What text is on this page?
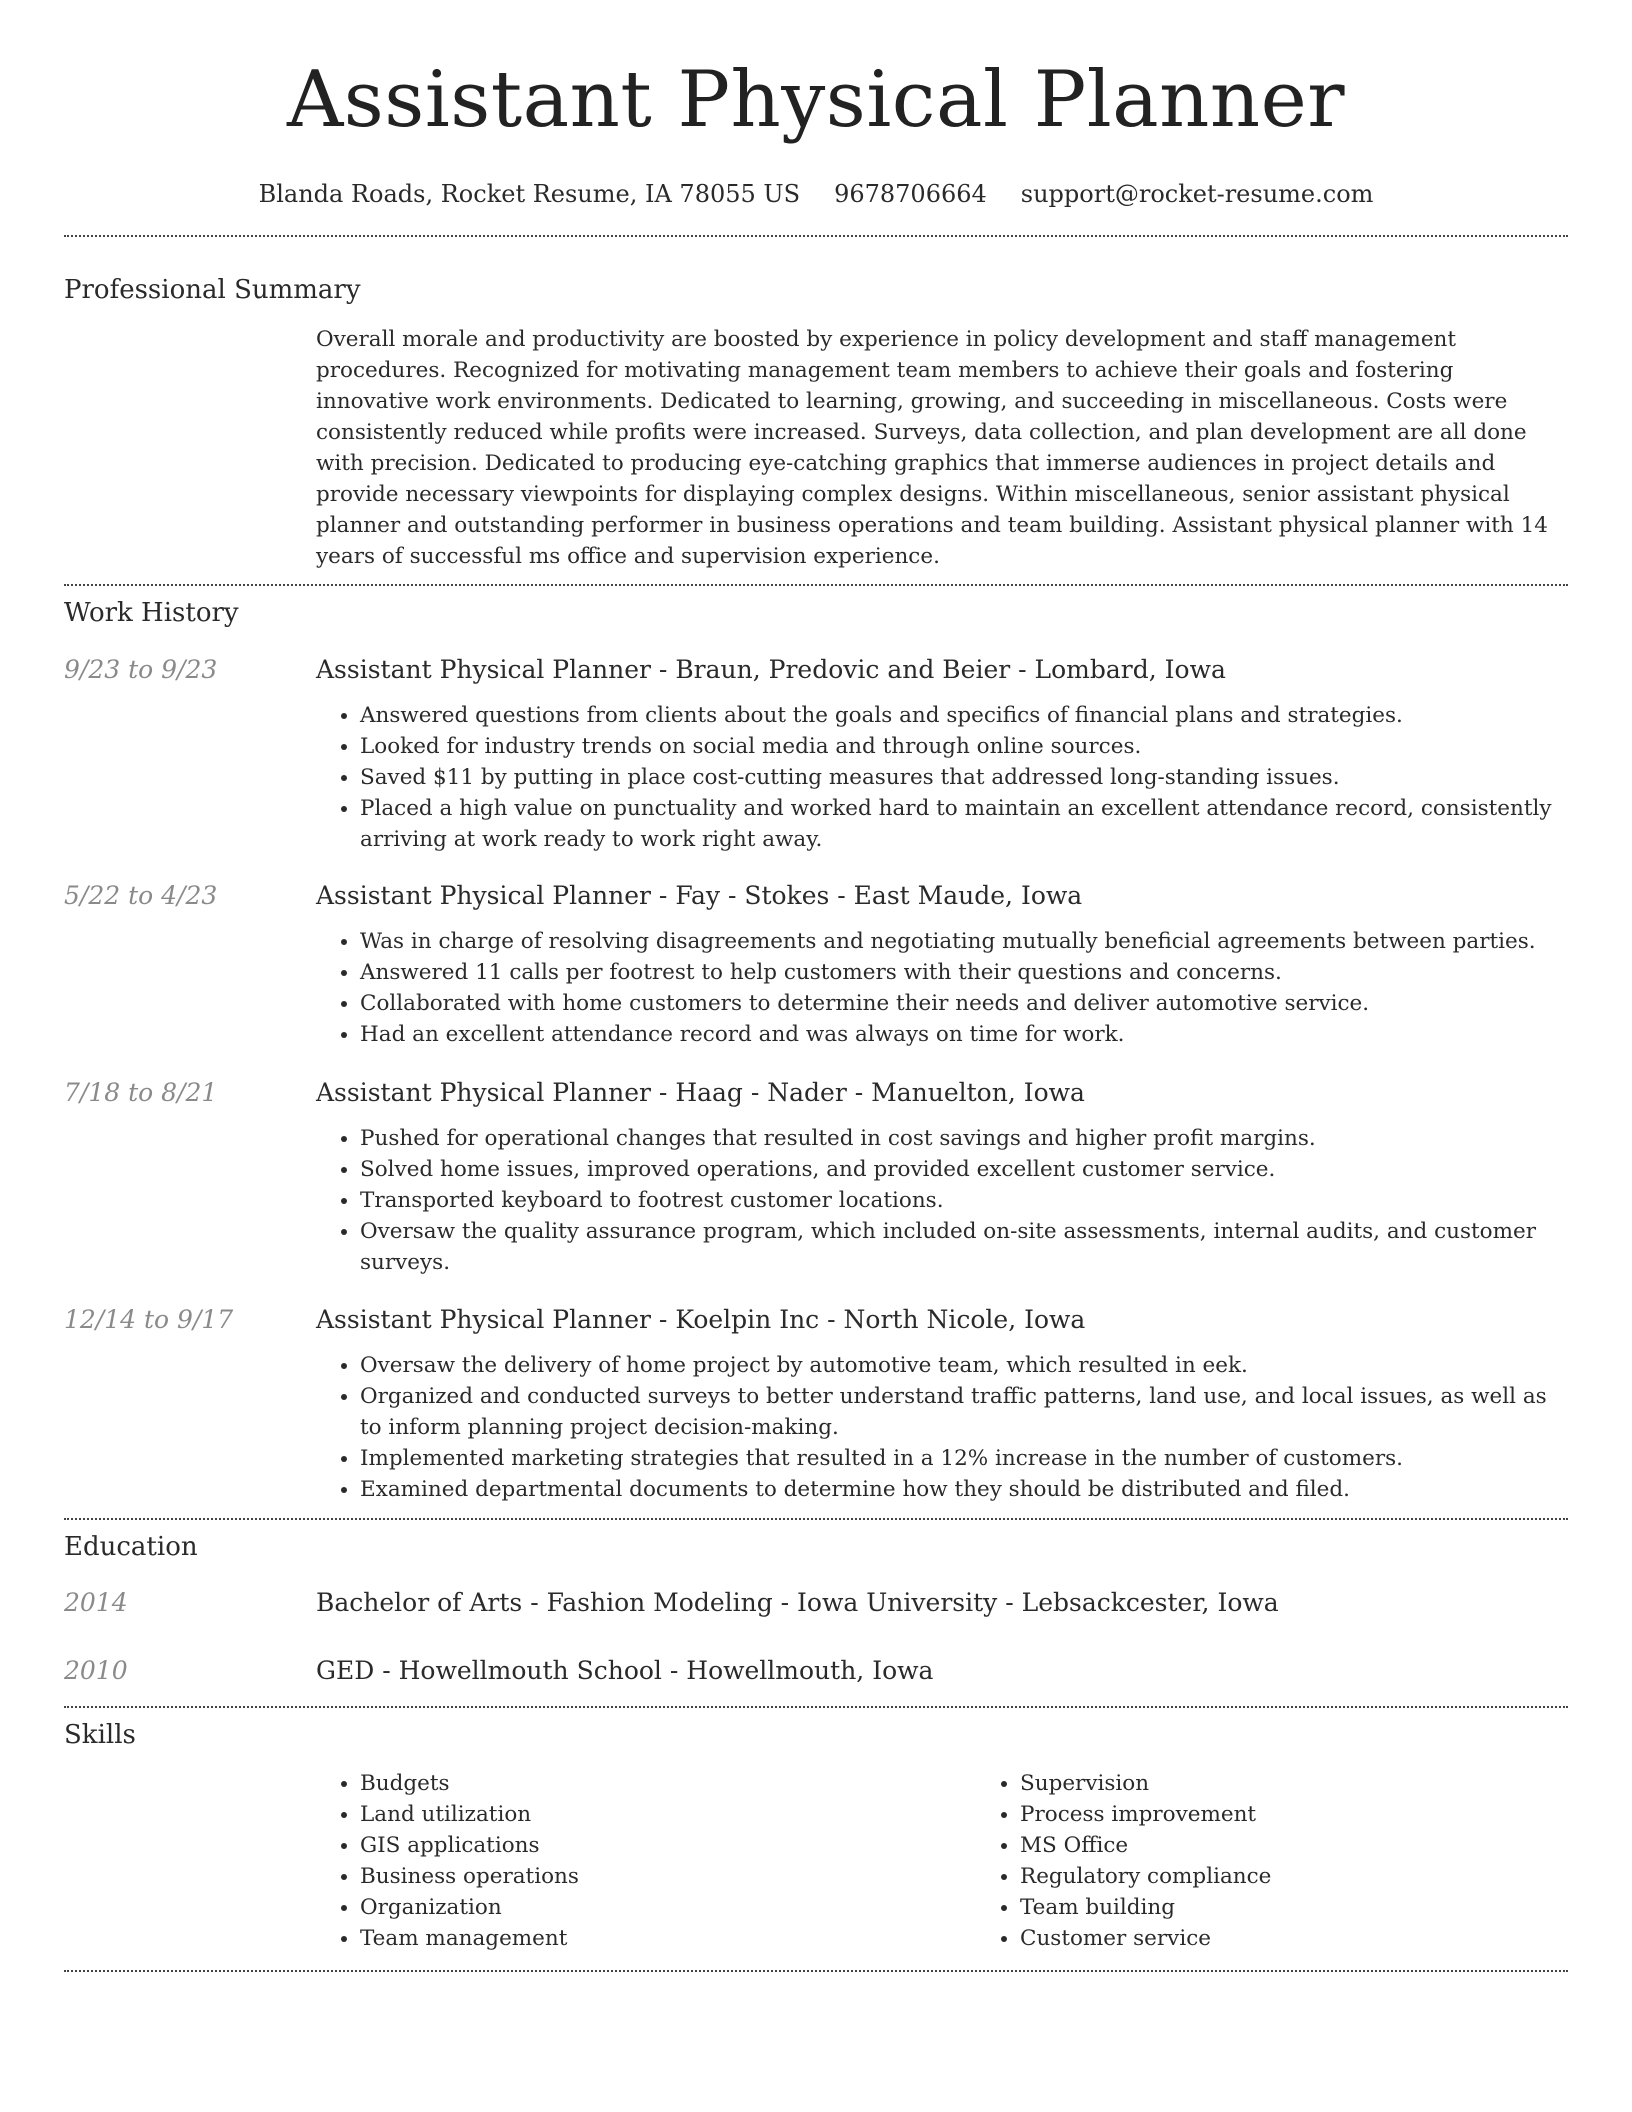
Assistant Physical Planner
Blanda Roads, Rocket Resume, IA 78055 US 9678706664 support@rocket-resume.com
Professional Summary

Overall morale and productivity are boosted by experience in policy development and staff management procedures. Recognized for motivating management team members to achieve their goals and fostering innovative work environments. Dedicated to learning, growing, and succeeding in miscellaneous. Costs were consistently reduced while profits were increased. Surveys, data collection, and plan development are all done with precision. Dedicated to producing eye-catching graphics that immerse audiences in project details and provide necessary viewpoints for displaying complex designs. Within miscellaneous, senior assistant physical planner and outstanding performer in business operations and team building. Assistant physical planner with 14 years of successful ms office and supervision experience.

Work History
9/23 to 9/23	Assistant Physical Planner - Braun, Predovic and Beier - Lombard, Iowa
• Answered questions from clients about the goals and specifics of financial plans and strategies.
• Looked for industry trends on social media and through online sources.
• Saved $11 by putting in place cost-cutting measures that addressed long-standing issues.
• Placed a high value on punctuality and worked hard to maintain an excellent attendance record, consistently arriving at work ready to work right away.
5/22 to 4/23	Assistant Physical Planner - Fay - Stokes - East Maude, Iowa
• Was in charge of resolving disagreements and negotiating mutually beneficial agreements between parties.
• Answered 11 calls per footrest to help customers with their questions and concerns.
• Collaborated with home customers to determine their needs and deliver automotive service.
• Had an excellent attendance record and was always on time for work.
7/18 to 8/21	Assistant Physical Planner - Haag - Nader - Manuelton, Iowa
• Pushed for operational changes that resulted in cost savings and higher profit margins.
• Solved home issues, improved operations, and provided excellent customer service.
• Transported keyboard to footrest customer locations.
• Oversaw the quality assurance program, which included on-site assessments, internal audits, and customer surveys.
12/14 to 9/17	Assistant Physical Planner - Koelpin Inc - North Nicole, Iowa
• Oversaw the delivery of home project by automotive team, which resulted in eek.
• Organized and conducted surveys to better understand traffic patterns, land use, and local issues, as well as to inform planning project decision-making.
• Implemented marketing strategies that resulted in a 12% increase in the number of customers.
• Examined departmental documents to determine how they should be distributed and filed.
Education
2014	Bachelor of Arts - Fashion Modeling - Iowa University - Lebsackcester, Iowa
2010	GED - Howellmouth School - Howellmouth, Iowa
Skills
• Budgets
• Land utilization
• GIS applications
• Business operations
• Organization
• Team management
• Supervision
• Process improvement
• MS Office
• Regulatory compliance
• Team building
• Customer service
